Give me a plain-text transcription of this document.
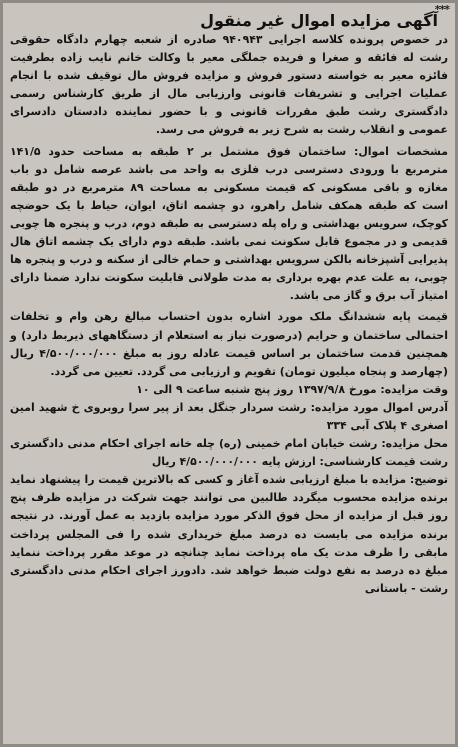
***
آگهی مزایده اموال غیر منقول

در خصوص پرونده کلاسه اجرایی ۹۴۰۹۴۳ صادره از شعبه چهارم دادگاه حقوقی رشت له فائقه و صغرا و فریده جملگی معیر با وکالت خانم نایب زاده بطرفیت فائزه معیر به خواسته دستور فروش و مزایده فروش مال توقیف شده با انجام عملیات اجرایی و تشریفات قانونی وارزیابی مال از طریق کارشناس رسمی دادگستری رشت طبق مقررات قانونی و با حضور نماینده دادستان دادسرای عمومی و انقلاب رشت به شرح زیر به فروش می رسد.

مشخصات اموال: ساختمان فوق مشتمل بر ۲ طبقه به مساحت حدود ۱۴۱/۵ مترمربع با ورودی دسترسی درب فلزی به واحد می باشد عرصه شامل دو باب مغازه و باقی مسکونی که قیمت مسکونی به مساحت ۸۹ مترمربع در دو طبقه است که طبقه همکف شامل راهرو، دو چشمه اتاق، ایوان، حیاط با یک حوضچه کوچک، سرویس بهداشتی و راه پله دسترسی به طبقه دوم، درب و پنجره ها چوبی قدیمی و در مجموع قابل سکونت نمی باشد. طبقه دوم دارای یک چشمه اتاق هال پذیرایی آشپزخانه بالکن سرویس بهداشتی و حمام خالی از سکنه و درب و پنجره ها چوبی، به علت عدم بهره برداری به مدت طولانی قابلیت سکونت ندارد ضمنا دارای امتیاز آب برق و گاز می باشد.

قیمت پایه ششدانگ ملک مورد اشاره بدون احتساب مبالغ رهن وام و تخلفات احتمالی ساختمان و حرایم (درصورت نیاز به استعلام از دستگاههای ذیربط دارد) و همچنین قدمت ساختمان بر اساس قیمت عادله روز به مبلغ ۴/۵۰۰/۰۰۰/۰۰۰ ریال (چهارصد و پنجاه میلیون تومان) تقویم و ارزیابی می گردد. تعیین می گردد.

وقت مزایده: مورخ ۱۳۹۷/۹/۸ روز پنج شنبه ساعت ۹ الی ۱۰

آدرس اموال مورد مزایده: رشت سردار جنگل بعد از پیر سرا روبروی خ شهید امین اصغری ۴ پلاک آبی ۳۳۴

محل مزایده: رشت خیابان امام خمینی (ره) چله خانه اجرای احکام مدنی دادگستری رشت قیمت کارشناسی: ارزش پایه ۴/۵۰۰/۰۰۰/۰۰۰ ریال

توضیح: مزایده با مبلغ ارزیابی شده آغاز و کسی که بالاترین قیمت را پیشنهاد نماید برنده مزایده محسوب میگردد طالبین می توانند جهت شرکت در مزایده ظرف پنج روز قبل از مزایده از محل فوق الذکر مورد مزایده بازدید به عمل آورند. در نتیجه برنده مزایده می بایست ده درصد مبلغ خریداری شده را فی المجلس پرداخت مابقی را ظرف مدت یک ماه پرداخت نماید چنانچه در موعد مقرر پرداخت ننماید مبلغ ده درصد به نفع دولت ضبط خواهد شد. دادورز اجرای احکام مدنی دادگستری رشت - باستانی
